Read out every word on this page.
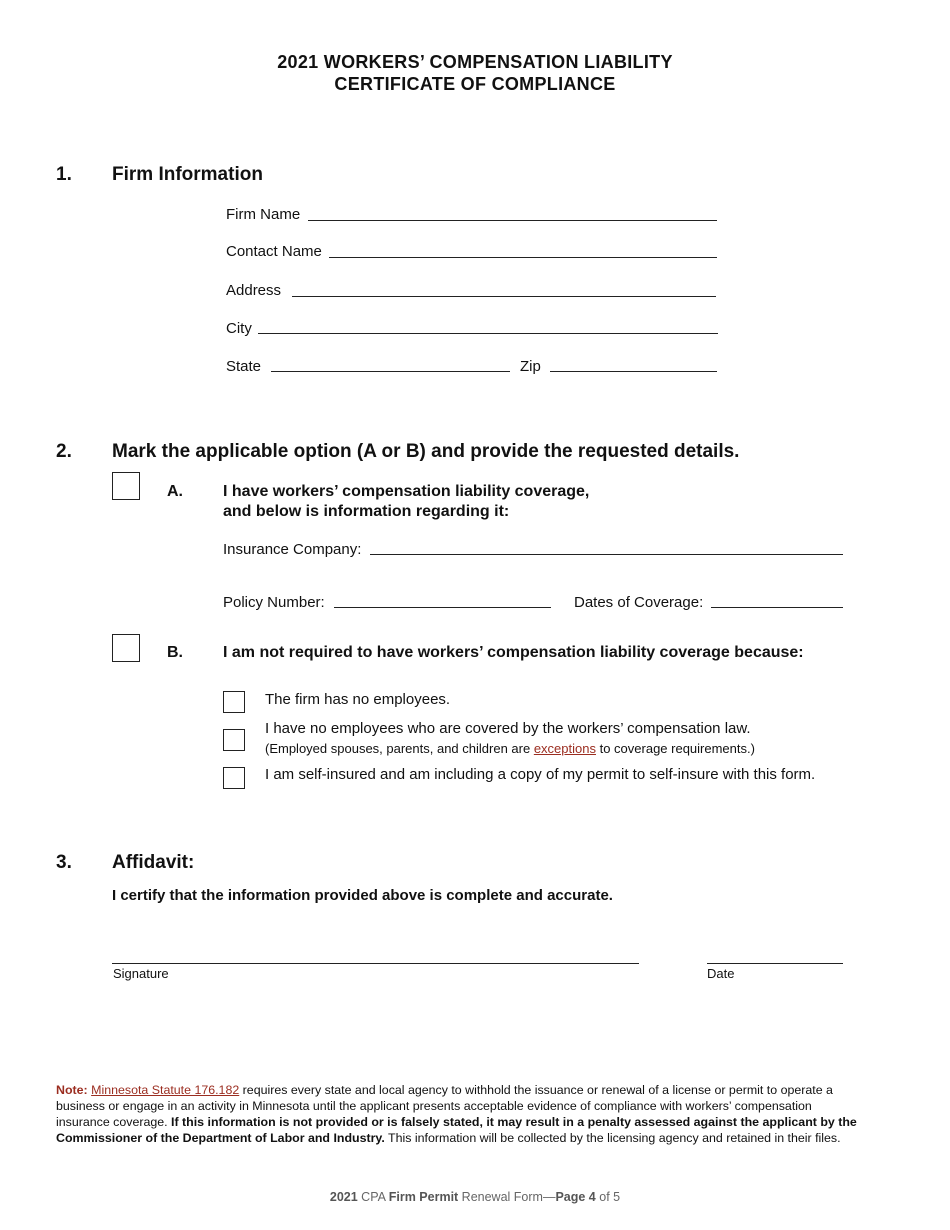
2021 WORKERS’ COMPENSATION LIABILITY
CERTIFICATE OF COMPLIANCE
1. Firm Information
Firm Name
Contact Name
Address
City
State	Zip
2. Mark the applicable option (A or B) and provide the requested details.
A.	I have workers’ compensation liability coverage,
and below is information regarding it:
Insurance Company:
Policy Number:	Dates of Coverage:
B.	I am not required to have workers’ compensation liability coverage because:
The firm has no employees.
I have no employees who are covered by the workers’ compensation law.
(Employed spouses, parents, and children are exceptions to coverage requirements.)
I am self-insured and am including a copy of my permit to self-insure with this form.
3. Affidavit:
I certify that the information provided above is complete and accurate.
Signature	Date
Note: Minnesota Statute 176.182 requires every state and local agency to withhold the issuance or renewal of a license or permit to operate a business or engage in an activity in Minnesota until the applicant presents acceptable evidence of compliance with workers’ compensation insurance coverage. If this information is not provided or is falsely stated, it may result in a penalty assessed against the applicant by the Commissioner of the Department of Labor and Industry. This information will be collected by the licensing agency and retained in their files.
2021 CPA Firm Permit Renewal Form—Page 4 of 5
